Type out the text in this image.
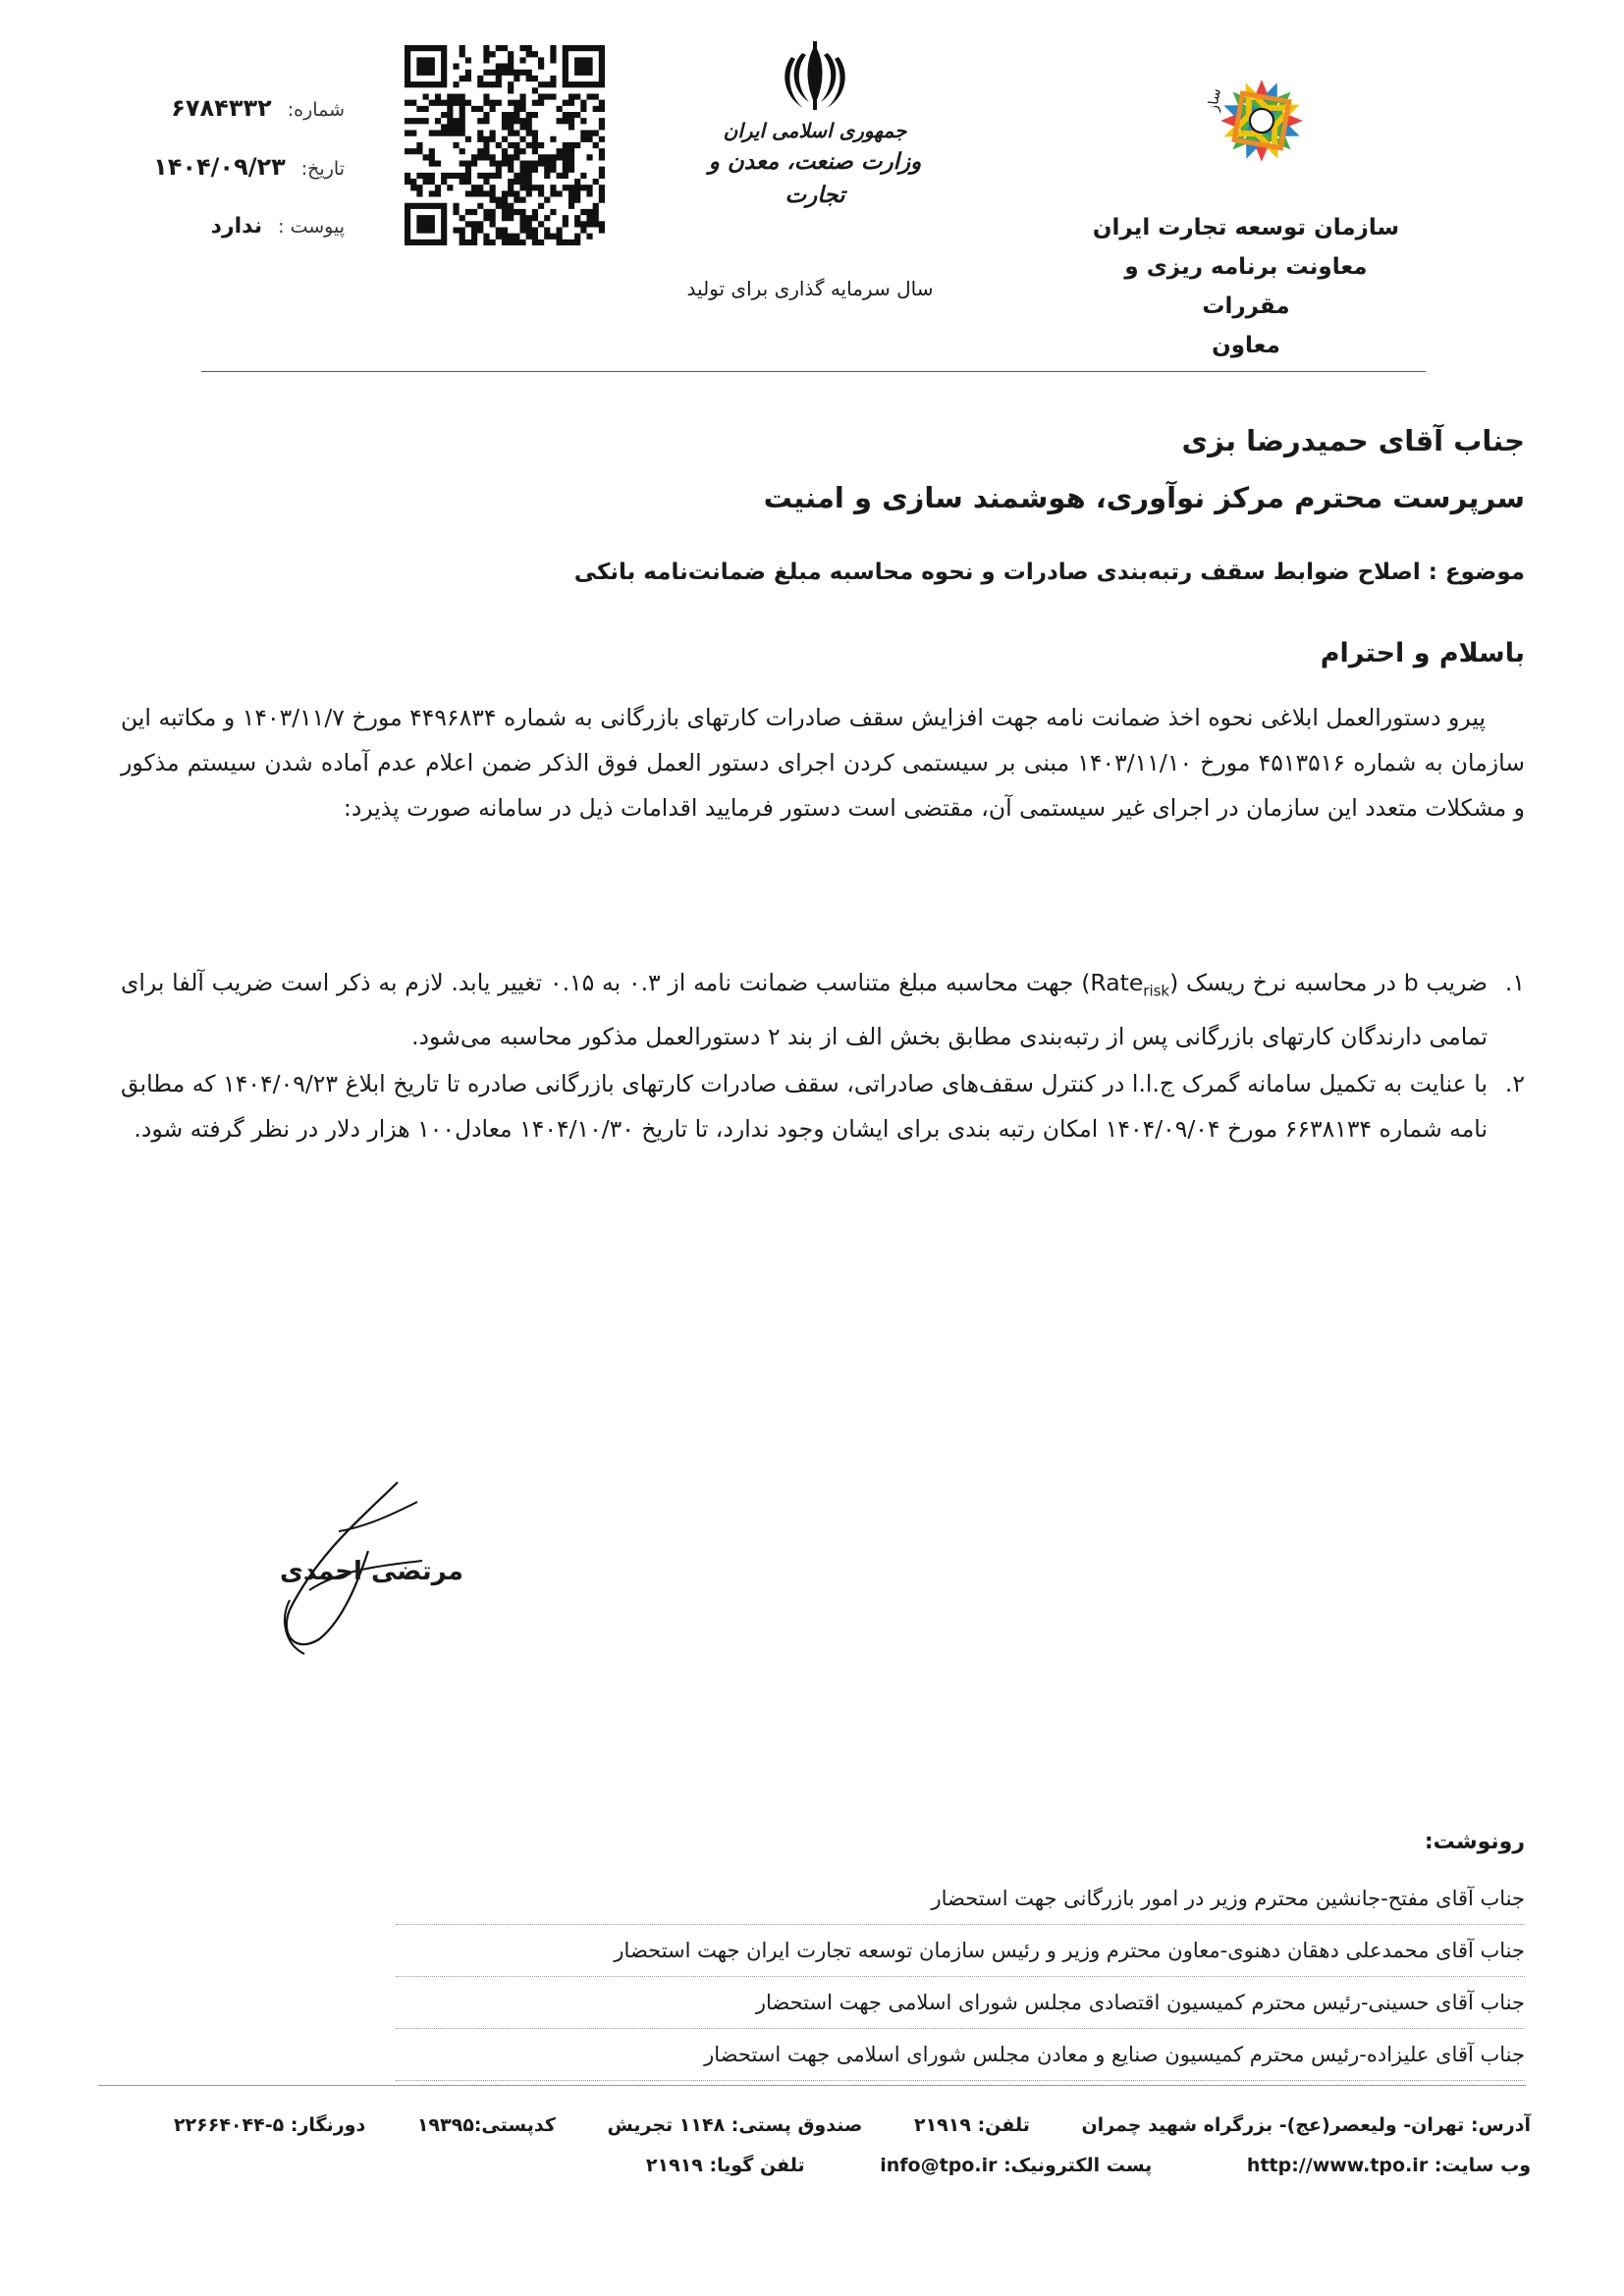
ساز
سازمان توسعه تجارت ایران
معاونت برنامه ریزی و مقررات
معاون
جمهوری اسلامی ایران
وزارت صنعت، معدن و تجارت
سال سرمایه گذاری برای تولید
شماره:
۶۷۸۴۳۳۲
تاریخ:
۱۴۰۴/۰۹/۲۳
پیوست :
ندارد
جناب آقای حمیدرضا بزی
سرپرست محترم مرکز نوآوری، هوشمند سازی و امنیت
موضوع : اصلاح ضوابط سقف رتبه‌بندی صادرات و نحوه محاسبه مبلغ ضمانت‌نامه بانکی
باسلام و احترام

پیرو دستورالعمل ابلاغی نحوه اخذ ضمانت نامه جهت افزایش سقف صادرات کارتهای بازرگانی به شماره ۴۴۹۶۸۳۴ مورخ ۱۴۰۳/۱۱/۷ و مکاتبه این سازمان به شماره ۴۵۱۳۵۱۶ مورخ ۱۴۰۳/۱۱/۱۰ مبنی بر سیستمی کردن اجرای دستور العمل فوق الذکر ضمن اعلام عدم آماده شدن سیستم مذکور و مشکلات متعدد این سازمان در اجرای غیر سیستمی آن، مقتضی است دستور فرمایید اقدامات ذیل در سامانه صورت پذیرد:

۱.
ضریب b در محاسبه نرخ ریسک (Rate$_{risk}$) جهت محاسبه مبلغ متناسب ضمانت نامه از ۰.۳ به ۰.۱۵ تغییر یابد. لازم به ذکر است ضریب آلفا برای تمامی دارندگان کارتهای بازرگانی پس از رتبه‌بندی مطابق بخش الف از بند ۲ دستورالعمل مذکور محاسبه می‌شود.
۲.
با عنایت به تکمیل سامانه گمرک ج.ا.ا در کنترل سقف‌های صادراتی، سقف صادرات کارتهای بازرگانی صادره تا تاریخ ابلاغ ۱۴۰۴/۰۹/۲۳ که مطابق نامه شماره ۶۶۳۸۱۳۴ مورخ ۱۴۰۴/۰۹/۰۴ امکان رتبه بندی برای ایشان وجود ندارد، تا تاریخ ۱۴۰۴/۱۰/۳۰ معادل۱۰۰ هزار دلار در نظر گرفته شود.
مرتضی احمدی
رونوشت:
جناب آقای مفتح-جانشین محترم وزیر در امور بازرگانی جهت استحضار
جناب آقای محمدعلی دهقان دهنوی-معاون محترم وزیر و رئیس سازمان توسعه تجارت ایران جهت استحضار
جناب آقای حسینی-رئیس محترم کمیسیون اقتصادی مجلس شورای اسلامی جهت استحضار
جناب آقای علیزاده-رئیس محترم کمیسیون صنایع و معادن مجلس شورای اسلامی جهت استحضار
آدرس: تهران- ولیعصر(عج)- بزرگراه شهید چمران تلفن: ۲۱۹۱۹ صندوق پستی: ۱۱۴۸ تجریش کدپستی:۱۹۳۹۵ دورنگار: ۵-۲۲۶۶۴۰۴۴
وب سایت: http://www.tpo.ir پست الکترونیک: info@tpo.ir تلفن گویا: ۲۱۹۱۹
